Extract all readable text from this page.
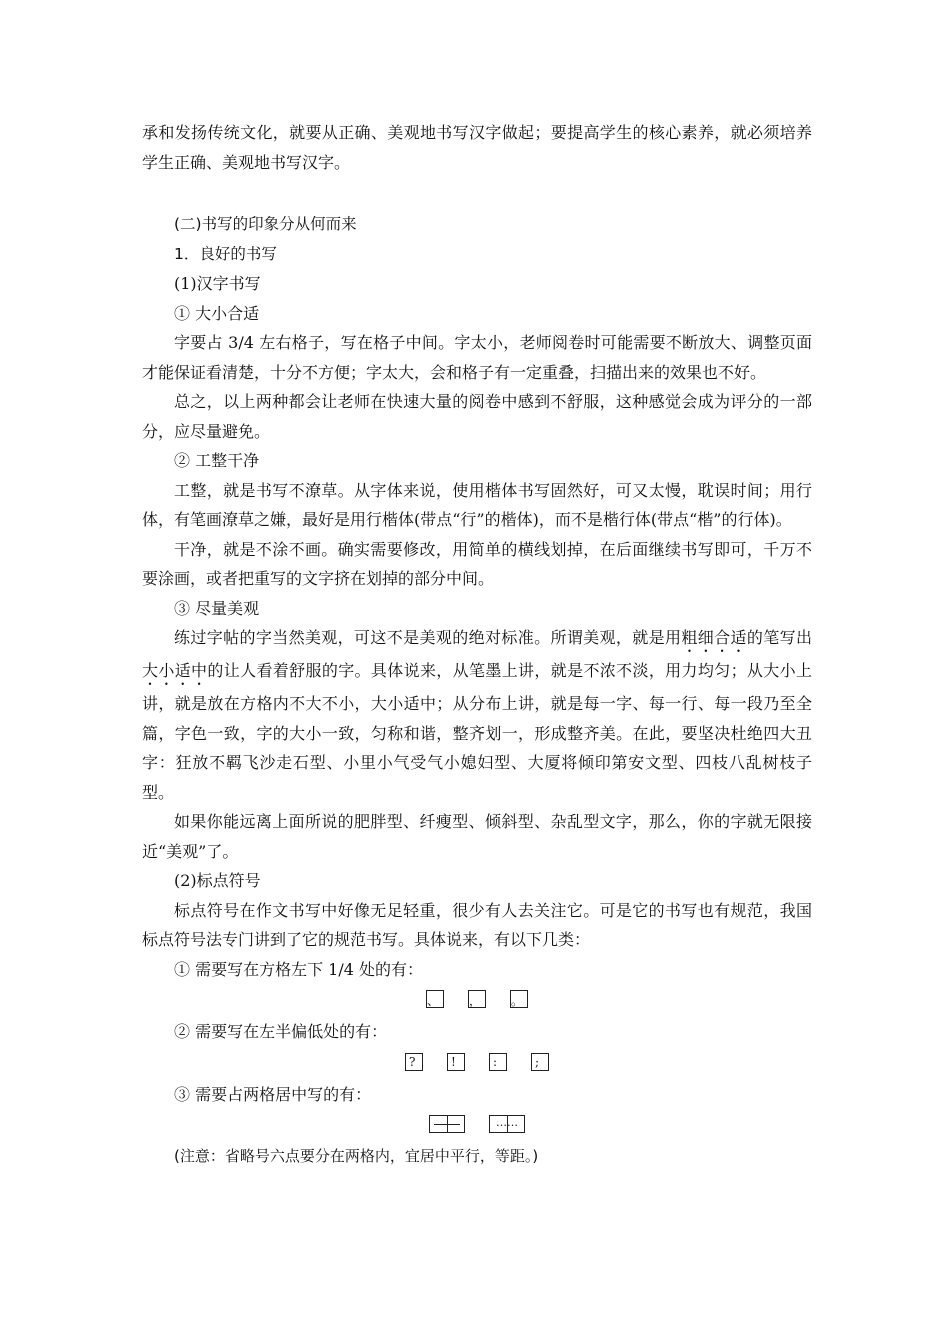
承和发扬传统文化，就要从正确、美观地书写汉字做起；要提高学生的核心素养，就必须培养学生正确、美观地书写汉字。

(二)书写的印象分从何而来

1．良好的书写

(1)汉字书写

① 大小合适

字要占 3/4 左右格子，写在格子中间。字太小，老师阅卷时可能需要不断放大、调整页面才能保证看清楚，十分不方便；字太大，会和格子有一定重叠，扫描出来的效果也不好。

总之，以上两种都会让老师在快速大量的阅卷中感到不舒服，这种感觉会成为评分的一部分，应尽量避免。

② 工整干净

工整，就是书写不潦草。从字体来说，使用楷体书写固然好，可又太慢，耽误时间；用行体，有笔画潦草之嫌，最好是用行楷体(带点“行”的楷体)，而不是楷行体(带点“楷”的行体)。

干净，就是不涂不画。确实需要修改，用简单的横线划掉，在后面继续书写即可，千万不要涂画，或者把重写的文字挤在划掉的部分中间。

③ 尽量美观

练过字帖的字当然美观，可这不是美观的绝对标准。所谓美观，就是用粗细合适的笔写出大小适中的让人看着舒服的字。具体说来，从笔墨上讲，就是不浓不淡，用力均匀；从大小上讲，就是放在方格内不大不小，大小适中；从分布上讲，就是每一字、每一行、每一段乃至全篇，字色一致，字的大小一致，匀称和谐，整齐划一，形成整齐美。在此，要坚决杜绝四大丑字：狂放不羁飞沙走石型、小里小气受气小媳妇型、大厦将倾印第安文型、四枝八乱树枝子型。

如果你能远离上面所说的肥胖型、纤瘦型、倾斜型、杂乱型文字，那么，你的字就无限接近“美观”了。

(2)标点符号

标点符号在作文书写中好像无足轻重，很少有人去关注它。可是它的书写也有规范，我国标点符号法专门讲到了它的规范书写。具体说来，有以下几类：

① 需要写在方格左下 1/4 处的有：

、 ， 。

② 需要写在左半偏低处的有：

?	!	:	;

③ 需要占两格居中写的有：

……

(注意：省略号六点要分在两格内，宜居中平行，等距。)
